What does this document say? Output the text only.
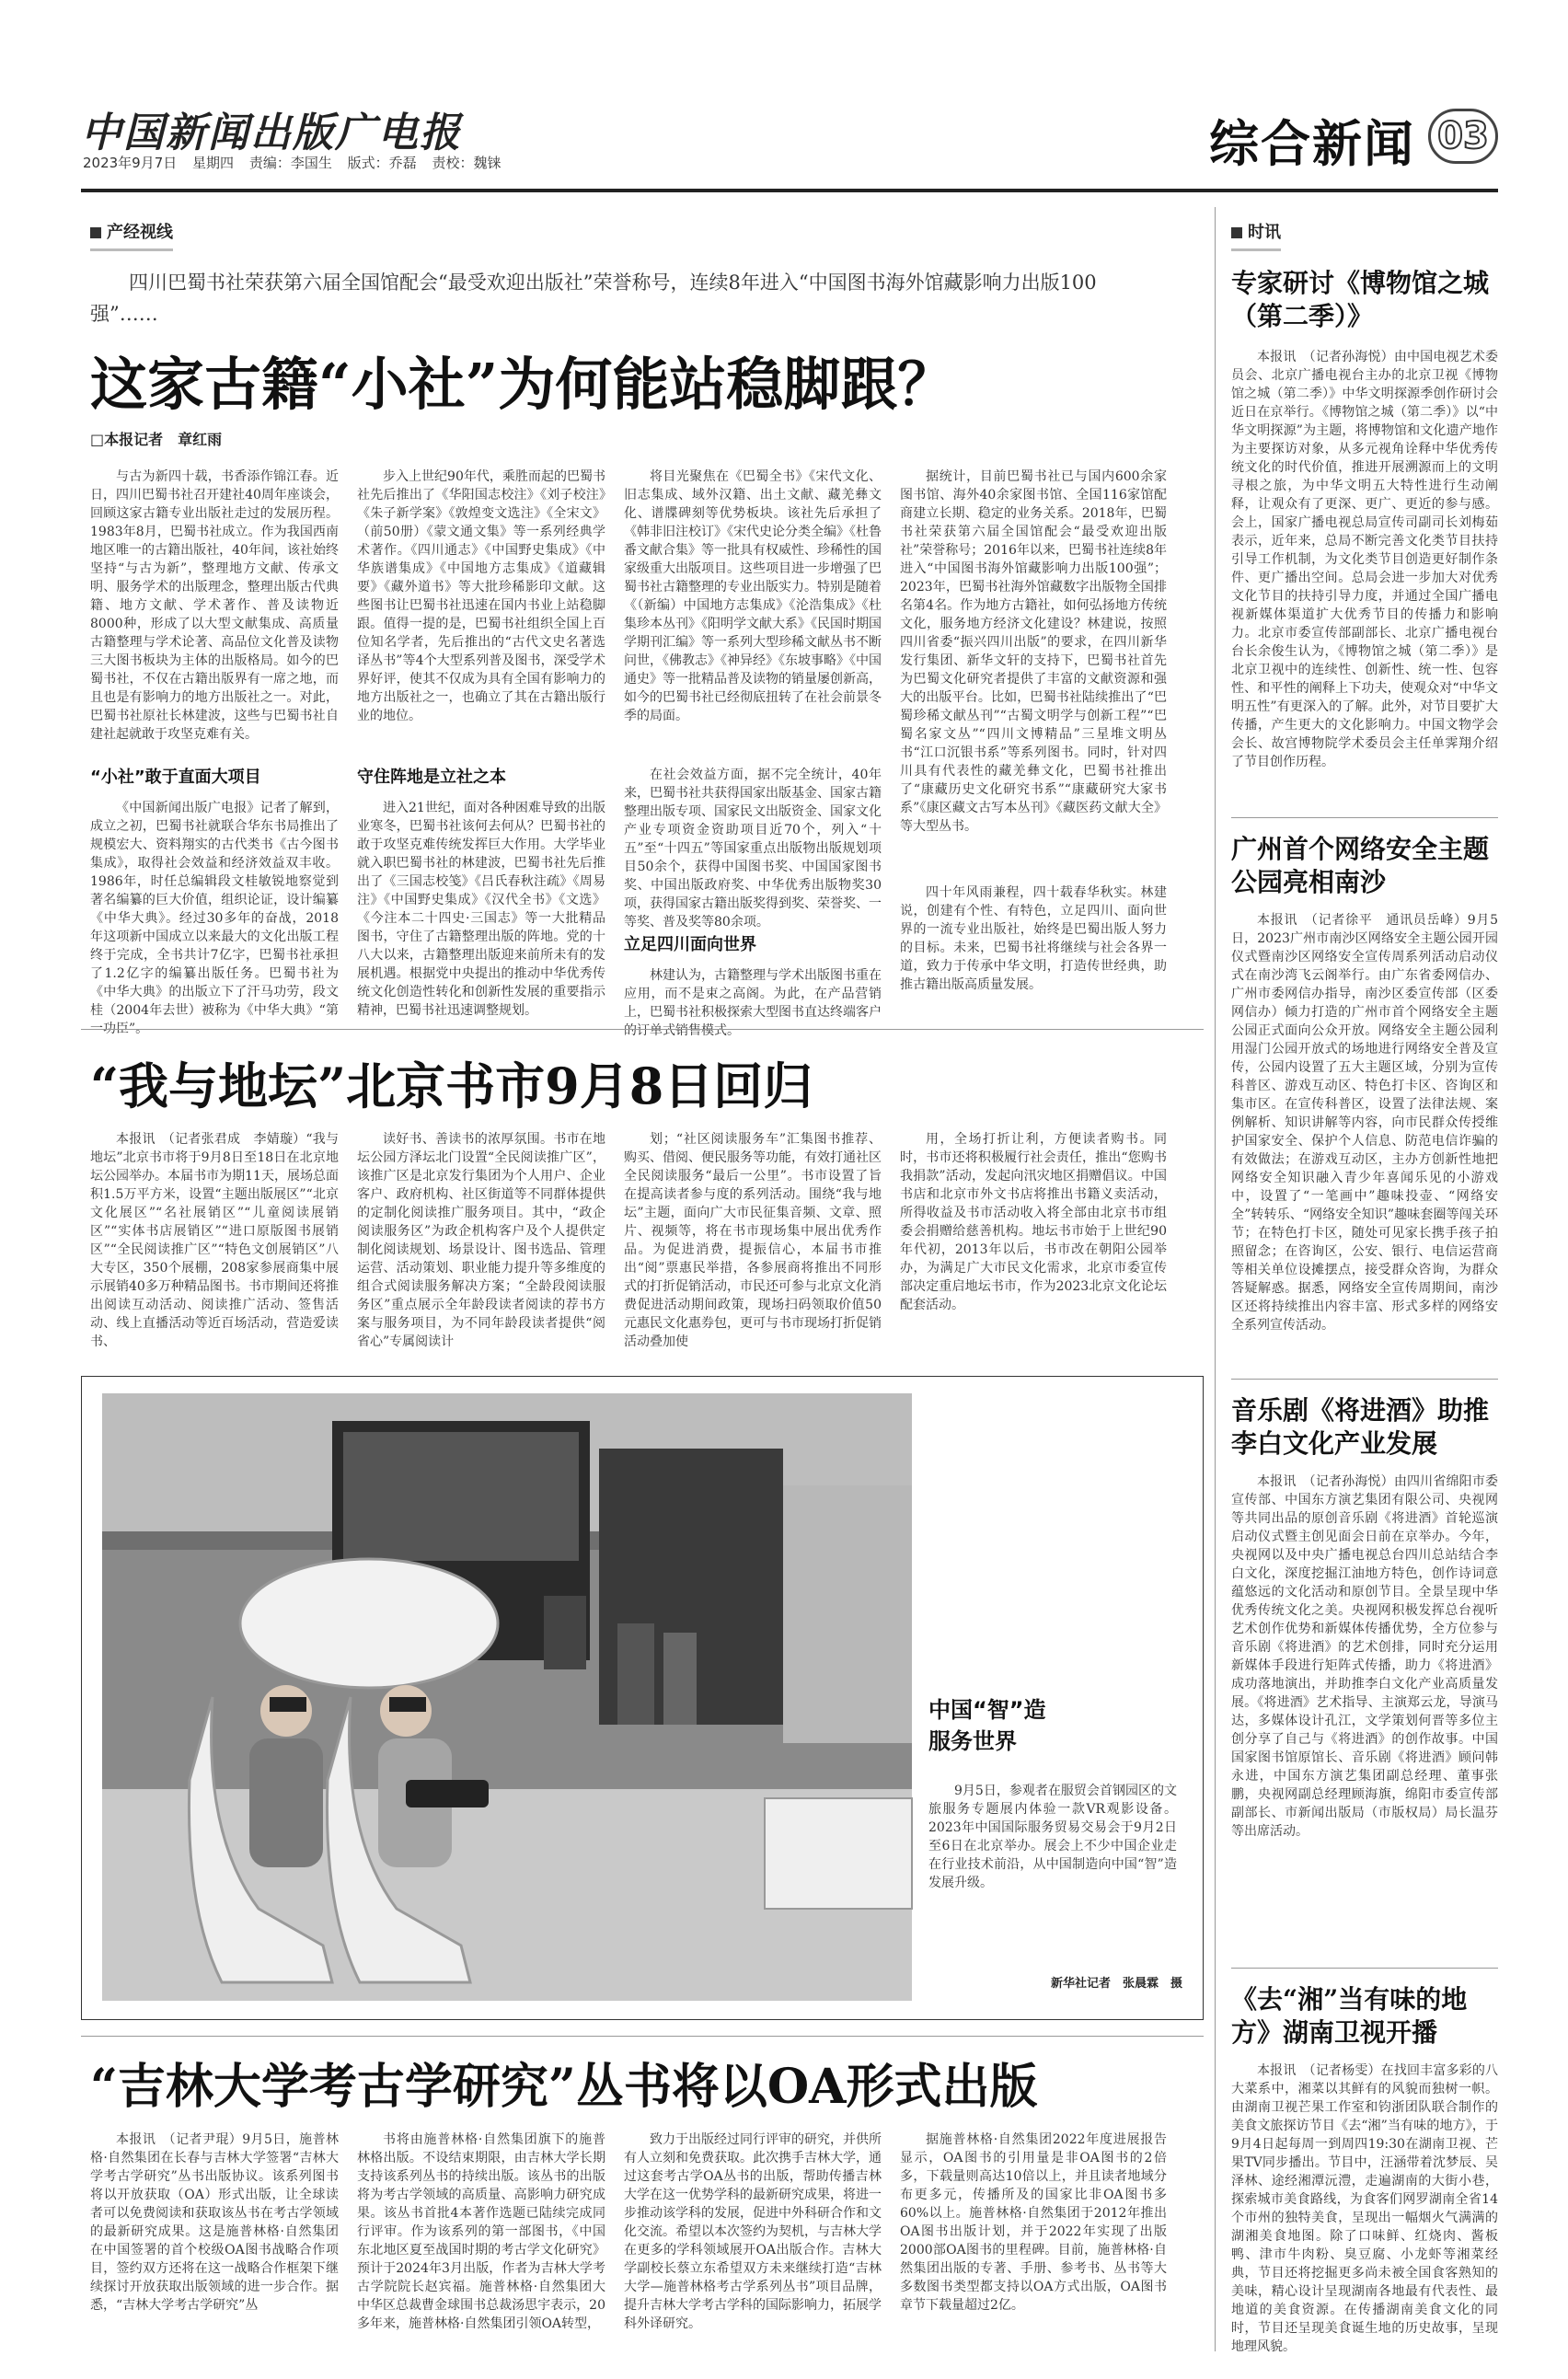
中国新闻出版广电报
2023年9月7日 星期四 责编：李国生 版式：乔磊 责校：魏铼	综合新闻 03
产经视线
四川巴蜀书社荣获第六届全国馆配会“最受欢迎出版社”荣誉称号，连续8年进入“中国图书海外馆藏影响力出版100强”……
这家古籍“小社”为何能站稳脚跟？
□本报记者　章红雨

与古为新四十载，书香添作锦江春。近日，四川巴蜀书社召开建社40周年座谈会，回顾这家古籍专业出版社走过的发展历程。1983年8月，巴蜀书社成立。作为我国西南地区唯一的古籍出版社，40年间，该社始终坚持“与古为新”，整理地方文献、传承文明、服务学术的出版理念，整理出版古代典籍、地方文献、学术著作、普及读物近8000种，形成了以大型文献集成、高质量古籍整理与学术论著、高品位文化普及读物三大图书板块为主体的出版格局。如今的巴蜀书社，不仅在古籍出版界有一席之地，而且也是有影响力的地方出版社之一。对此，巴蜀书社原社长林建波，这些与巴蜀书社自建社起就敢于攻坚克难有关。

“小社”敢于直面大项目

《中国新闻出版广电报》记者了解到，成立之初，巴蜀书社就联合华东书局推出了规模宏大、资料翔实的古代类书《古今图书集成》，取得社会效益和经济效益双丰收。1986年，时任总编辑段文桂敏锐地察觉到著名编纂的巨大价值，组织论证，设计编纂《中华大典》。经过30多年的奋战，2018年这项新中国成立以来最大的文化出版工程终于完成，全书共计7亿字，巴蜀书社承担了1.2亿字的编纂出版任务。巴蜀书社为《中华大典》的出版立下了汗马功劳，段文桂（2004年去世）被称为《中华大典》“第一功臣”。

步入上世纪90年代，乘胜而起的巴蜀书社先后推出了《华阳国志校注》《刘子校注》《朱子新学案》《敦煌变文选注》《全宋文》（前50册）《蒙文通文集》等一系列经典学术著作。《四川通志》《中国野史集成》《中华族谱集成》《中国地方志集成》《道藏辑要》《藏外道书》等大批珍稀影印文献。这些图书让巴蜀书社迅速在国内书业上站稳脚跟。值得一提的是，巴蜀书社组织全国上百位知名学者，先后推出的“古代文史名著选译丛书”等4个大型系列普及图书，深受学术界好评，使其不仅成为具有全国有影响力的地方出版社之一，也确立了其在古籍出版行业的地位。

守住阵地是立社之本

进入21世纪，面对各种困难导致的出版业寒冬，巴蜀书社该何去何从？巴蜀书社的敢于攻坚克难传统发挥巨大作用。大学毕业就入职巴蜀书社的林建波，巴蜀书社先后推出了《三国志校笺》《吕氏春秋注疏》《周易注》《中国野史集成》《汉代全书》《文选》《今注本二十四史·三国志》等一大批精品图书，守住了古籍整理出版的阵地。党的十八大以来，古籍整理出版迎来前所未有的发展机遇。根据党中央提出的推动中华优秀传统文化创造性转化和创新性发展的重要指示精神，巴蜀书社迅速调整规划。

将目光聚焦在《巴蜀全书》《宋代文化、旧志集成、域外汉籍、出土文献、藏羌彝文化、谱牒碑刻等优势板块。该社先后承担了《韩非旧注校订》《宋代史论分类全编》《杜鲁番文献合集》等一批具有权威性、珍稀性的国家级重大出版项目。这些项目进一步增强了巴蜀书社古籍整理的专业出版实力。特别是随着《（新编）中国地方志集成》《沦浩集成》《杜集珍本丛刊》《阳明学文献大系》《民国时期国学期刊汇编》等一系列大型珍稀文献丛书不断问世，《佛教志》《神异经》《东坡事略》《中国通史》等一批精品普及读物的销量屡创新高，如今的巴蜀书社已经彻底扭转了在社会前景冬季的局面。

在社会效益方面，据不完全统计，40年来，巴蜀书社共获得国家出版基金、国家古籍整理出版专项、国家民文出版资金、国家文化产业专项资金资助项目近70个，列入“十五”至“十四五”等国家重点出版物出版规划项目50余个，获得中国图书奖、中国国家图书奖、中国出版政府奖、中华优秀出版物奖30项，获得国家古籍出版奖得到奖、荣誉奖、一等奖、普及奖等80余项。

立足四川面向世界

林建认为，古籍整理与学术出版图书重在应用，而不是束之高阁。为此，在产品营销上，巴蜀书社积极探索大型图书直达终端客户的订单式销售模式。

据统计，目前巴蜀书社已与国内600余家图书馆、海外40余家图书馆、全国116家馆配商建立长期、稳定的业务关系。2018年，巴蜀书社荣获第六届全国馆配会“最受欢迎出版社”荣誉称号；2016年以来，巴蜀书社连续8年进入“中国图书海外馆藏影响力出版100强”；2023年，巴蜀书社海外馆藏数字出版物全国排名第4名。作为地方古籍社，如何弘扬地方传统文化，服务地方经济文化建设？林建说，按照四川省委“振兴四川出版”的要求，在四川新华发行集团、新华文轩的支持下，巴蜀书社首先为巴蜀文化研究者提供了丰富的文献资源和强大的出版平台。比如，巴蜀书社陆续推出了“巴蜀珍稀文献丛刊”“古蜀文明学与创新工程”“巴蜀名家文丛”“四川文博精品”三星堆文明丛书“江口沉银书系”等系列图书。同时，针对四川具有代表性的藏羌彝文化，巴蜀书社推出了“康藏历史文化研究书系”“康藏研究大家书系”《康区藏文古写本丛刊》《藏医药文献大全》等大型丛书。

四十年风雨兼程，四十载春华秋实。林建说，创建有个性、有特色，立足四川、面向世界的一流专业出版社，始终是巴蜀出版人努力的目标。未来，巴蜀书社将继续与社会各界一道，致力于传承中华文明，打造传世经典，助推古籍出版高质量发展。

“我与地坛”北京书市9月8日回归

本报讯　（记者张君成　李婧璇）“我与地坛”北京书市将于9月8日至18日在北京地坛公园举办。本届书市为期11天，展场总面积1.5万平方米，设置“主题出版展区”“北京文化展区”“名社展销区”“儿童阅读展销区”“实体书店展销区”“进口原版图书展销区”“全民阅读推广区”“特色文创展销区”八大专区，350个展棚，208家参展商集中展示展销40多万种精品图书。书市期间还将推出阅读互动活动、阅读推广活动、签售活动、线上直播活动等近百场活动，营造爱读书、

读好书、善读书的浓厚氛围。书市在地坛公园方泽坛北门设置“全民阅读推广区”，该推广区是北京发行集团为个人用户、企业客户、政府机构、社区街道等不同群体提供的定制化阅读推广服务项目。其中，“政企阅读服务区”为政企机构客户及个人提供定制化阅读规划、场景设计、图书选品、管理运营、活动策划、职业能力提升等多维度的组合式阅读服务解决方案；“全龄段阅读服务区”重点展示全年龄段读者阅读的荐书方案与服务项目，为不同年龄段读者提供“阅省心”专属阅读计

划；“社区阅读服务车”汇集图书推荐、购买、借阅、便民服务等功能，有效打通社区全民阅读服务“最后一公里”。书市设置了旨在提高读者参与度的系列活动。围绕“我与地坛”主题，面向广大市民征集音频、文章、照片、视频等，将在书市现场集中展出优秀作品。为促进消费，提振信心，本届书市推出“阅”票惠民举措，各参展商将推出不同形式的打折促销活动，市民还可参与北京文化消费促进活动期间政策，现场扫码领取价值50元惠民文化惠券包，更可与书市现场打折促销活动叠加使

用，全场打折让利，方便读者购书。同时，书市还将积极履行社会责任，推出“您购书我捐款”活动，发起向汛灾地区捐赠倡议。中国书店和北京市外文书店将推出书籍义卖活动，所得收益及书市活动收入将全部由北京书市组委会捐赠给慈善机构。地坛书市始于上世纪90年代初，2013年以后，书市改在朝阳公园举办，为满足广大市民文化需求，北京市委宣传部决定重启地坛书市，作为2023北京文化论坛配套活动。

中国“智”造
服务世界
9月5日，参观者在服贸会首钢园区的文旅服务专题展内体验一款VR观影设备。2023年中国国际服务贸易交易会于9月2日至6日在北京举办。展会上不少中国企业走在行业技术前沿，从中国制造向中国“智”造发展升级。
新华社记者　张晨霖　摄
“吉林大学考古学研究”丛书将以OA形式出版

本报讯　（记者尹琨）9月5日，施普林格·自然集团在长春与吉林大学签署“吉林大学考古学研究”丛书出版协议。该系列图书将以开放获取（OA）形式出版，让全球读者可以免费阅读和获取该丛书在考古学领域的最新研究成果。这是施普林格·自然集团在中国签署的首个校级OA图书战略合作项目，签约双方还将在这一战略合作框架下继续探讨开放获取出版领域的进一步合作。据悉，“吉林大学考古学研究”丛

书将由施普林格·自然集团旗下的施普林格出版。不设结束期限，由吉林大学长期支持该系列丛书的持续出版。该丛书的出版将为考古学领域的高质量、高影响力研究成果。该丛书首批4本著作选题已陆续完成同行评审。作为该系列的第一部图书，《中国东北地区夏至战国时期的考古学文化研究》预计于2024年3月出版，作者为吉林大学考古学院院长赵宾福。施普林格·自然集团大中华区总裁曹金球围书总裁汤思宇表示，20多年来，施普林格·自然集团引领OA转型，

致力于出版经过同行评审的研究，并供所有人立刻和免费获取。此次携手吉林大学，通过这套考古学OA丛书的出版，帮助传播吉林大学在这一优势学科的最新研究成果，将进一步推动该学科的发展，促进中外科研合作和文化交流。希望以本次签约为契机，与吉林大学在更多的学科领域展开OA出版合作。吉林大学副校长蔡立东希望双方未来继续打造“吉林大学—施普林格考古学系列丛书”项目品牌，提升吉林大学考古学科的国际影响力，拓展学科外译研究。

据施普林格·自然集团2022年度进展报告显示，OA图书的引用量是非OA图书的2倍多，下载量则高达10倍以上，并且读者地域分布更多元，传播所及的国家比非OA图书多60%以上。施普林格·自然集团于2012年推出OA图书出版计划，并于2022年实现了出版2000部OA图书的里程碑。目前，施普林格·自然集团出版的专著、手册、参考书、丛书等大多数图书类型都支持以OA方式出版，OA图书章节下载量超过2亿。

时讯
专家研讨《博物馆之城（第二季）》

本报讯　（记者孙海悦）由中国电视艺术委员会、北京广播电视台主办的北京卫视《博物馆之城（第二季）》中华文明探源季创作研讨会近日在京举行。《博物馆之城（第二季）》以“中华文明探源”为主题，将博物馆和文化遗产地作为主要探访对象，从多元视角诠释中华优秀传统文化的时代价值，推进开展溯源而上的文明寻根之旅，为中华文明五大特性进行生动阐释，让观众有了更深、更广、更近的参与感。会上，国家广播电视总局宣传司副司长刘梅茹表示，近年来，总局不断完善文化类节目扶持引导工作机制，为文化类节目创造更好制作条件、更广播出空间。总局会进一步加大对优秀文化节目的扶持引导力度，并通过全国广播电视新媒体渠道扩大优秀节目的传播力和影响力。北京市委宣传部副部长、北京广播电视台台长余俊生认为，《博物馆之城（第二季）》是北京卫视中的连续性、创新性、统一性、包容性、和平性的阐释上下功夫，使观众对“中华文明五性”有更深入的了解。此外，对节目要扩大传播，产生更大的文化影响力。中国文物学会会长、故宫博物院学术委员会主任单霁翔介绍了节目创作历程。

广州首个网络安全主题公园亮相南沙

本报讯　（记者徐平　通讯员岳峰）9月5日，2023广州市南沙区网络安全主题公园开园仪式暨南沙区网络安全宣传周系列活动启动仪式在南沙湾飞云阁举行。由广东省委网信办、广州市委网信办指导，南沙区委宣传部（区委网信办）倾力打造的广州市首个网络安全主题公园正式面向公众开放。网络安全主题公园利用湿门公园开放式的场地进行网络安全普及宣传，公园内设置了五大主题区域，分别为宣传科普区、游戏互动区、特色打卡区、咨询区和集市区。在宣传科普区，设置了法律法规、案例解析、知识讲解等内容，向市民群众传授维护国家安全、保护个人信息、防范电信诈骗的有效做法；在游戏互动区，主办方创新性地把网络安全知识融入青少年喜闻乐见的小游戏中，设置了“一笔画中”趣味投壶、“网络安全”转转乐、“网络安全知识”趣味套圈等闯关环节；在特色打卡区，随处可见家长携手孩子拍照留念；在咨询区，公安、银行、电信运营商等相关单位设摊摆点，接受群众咨询，为群众答疑解惑。据悉，网络安全宣传周期间，南沙区还将持续推出内容丰富、形式多样的网络安全系列宣传活动。

音乐剧《将进酒》助推李白文化产业发展

本报讯　（记者孙海悦）由四川省绵阳市委宣传部、中国东方演艺集团有限公司、央视网等共同出品的原创音乐剧《将进酒》首轮巡演启动仪式暨主创见面会日前在京举办。今年，央视网以及中央广播电视总台四川总站结合李白文化，深度挖掘江油地方特色，创作诗词意蕴悠远的文化活动和原创节目。全景呈现中华优秀传统文化之美。央视网积极发挥总台视听艺术创作优势和新媒体传播优势，全方位参与音乐剧《将进酒》的艺术创排，同时充分运用新媒体手段进行矩阵式传播，助力《将进酒》成功落地演出，并助推李白文化产业高质量发展。《将进酒》艺术指导、主演郑云龙，导演马达，多媒体设计孔江，文学策划何晋等多位主创分享了自己与《将进酒》的创作故事。中国国家图书馆原馆长、音乐剧《将进酒》顾问韩永进，中国东方演艺集团副总经理、董事张鹏，央视网副总经理顾海旗，绵阳市委宣传部副部长、市新闻出版局（市版权局）局长温芬等出席活动。

《去“湘”当有味的地方》湖南卫视开播

本报讯　（记者杨雯）在找回丰富多彩的八大菜系中，湘菜以其鲜有的风貌而独树一帜。由湖南卫视芒果工作室和钧浙团队联合制作的美食文旅探访节目《去“湘”当有味的地方》，于9月4日起每周一到周四19:30在湖南卫视、芒果TV同步播出。节目中，汪涵带着沈梦辰、吴泽林、途经湘潭沅澧，走遍湖南的大街小巷，探索城市美食路线，为食客们网罗湖南全省14个市州的独特美食，呈现出一幅烟火气满满的湖湘美食地图。除了口味鲜、红烧肉、酱板鸭、津市牛肉粉、臭豆腐、小龙虾等湘菜经典，节目还将挖掘更多尚未被全国食客熟知的美味，精心设计呈现湖南各地最有代表性、最地道的美食资源。在传播湖南美食文化的同时，节目还呈现美食诞生地的历史故事，呈现地理风貌。
